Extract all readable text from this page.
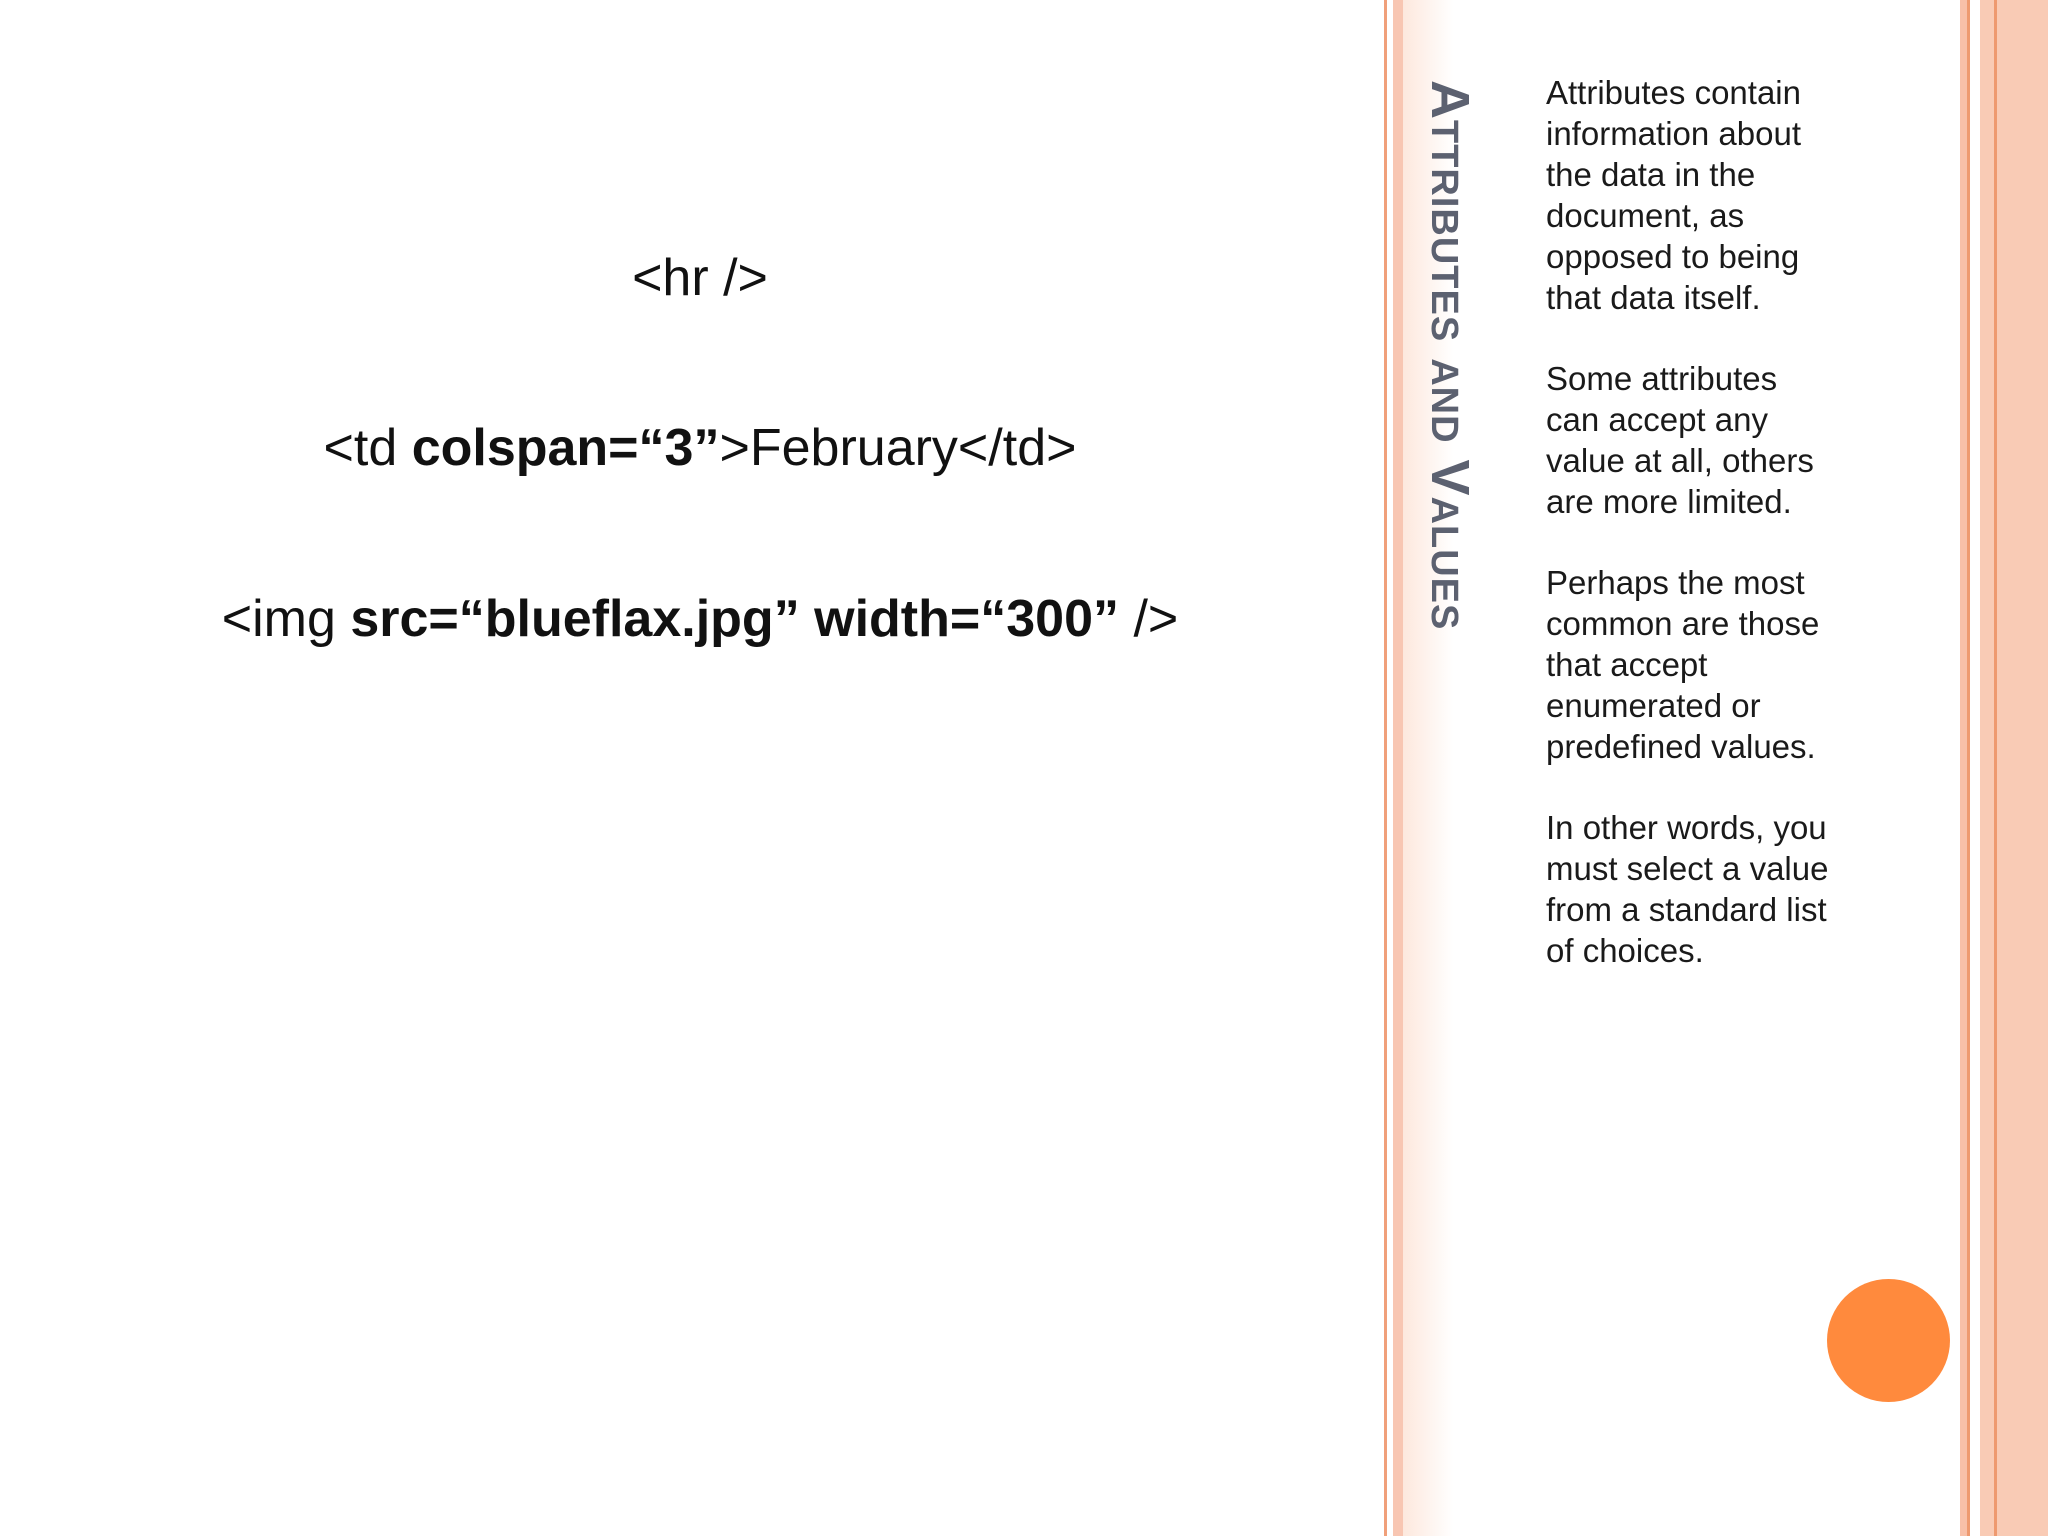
<hr />
<td colspan=“3”>February</td>
<img src=“blueflax.jpg” width=“300” />	Attributes and Values Attributes contain
information about
the data in the
document, as
opposed to being
that data itself.

Some attributes
can accept any
value at all, others
are more limited.

Perhaps the most
common are those
that accept
enumerated or
predefined values.

In other words, you
must select a value
from a standard list
of choices.
